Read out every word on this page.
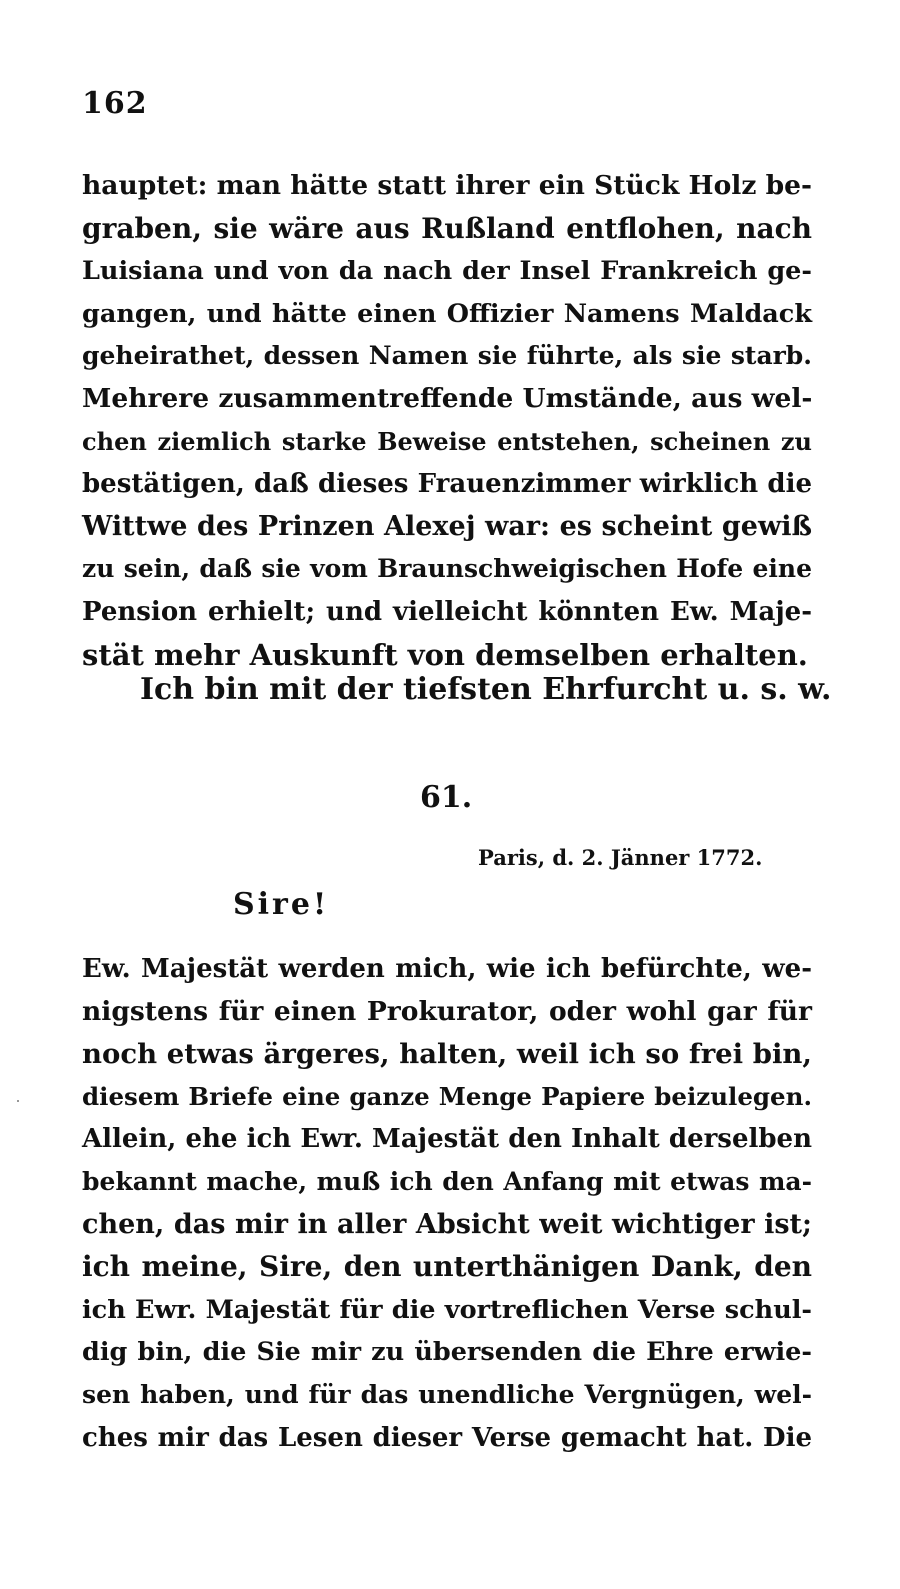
162
hauptet: man hätte statt ihrer ein Stück Holz be-
graben, sie wäre aus Rußland entflohen, nach
Luisiana und von da nach der Insel Frankreich ge-
gangen, und hätte einen Offizier Namens Maldack
geheirathet, dessen Namen sie führte, als sie starb.
Mehrere zusammentreffende Umstände, aus wel-
chen ziemlich starke Beweise entstehen, scheinen zu
bestätigen, daß dieses Frauenzimmer wirklich die
Wittwe des Prinzen Alexej war: es scheint gewiß
zu sein, daß sie vom Braunschweigischen Hofe eine
Pension erhielt; und vielleicht könnten Ew. Maje-
stät mehr Auskunft von demselben erhalten.
Ich bin mit der tiefsten Ehrfurcht u. s. w.
61.
Paris, d. 2. Jänner 1772.
Sire!
Ew. Majestät werden mich, wie ich befürchte, we-
nigstens für einen Prokurator, oder wohl gar für
noch etwas ärgeres, halten, weil ich so frei bin,
diesem Briefe eine ganze Menge Papiere beizulegen.
Allein, ehe ich Ewr. Majestät den Inhalt derselben
bekannt mache, muß ich den Anfang mit etwas ma-
chen, das mir in aller Absicht weit wichtiger ist;
ich meine, Sire, den unterthänigen Dank, den
ich Ewr. Majestät für die vortreflichen Verse schul-
dig bin, die Sie mir zu übersenden die Ehre erwie-
sen haben, und für das unendliche Vergnügen, wel-
ches mir das Lesen dieser Verse gemacht hat. Die
